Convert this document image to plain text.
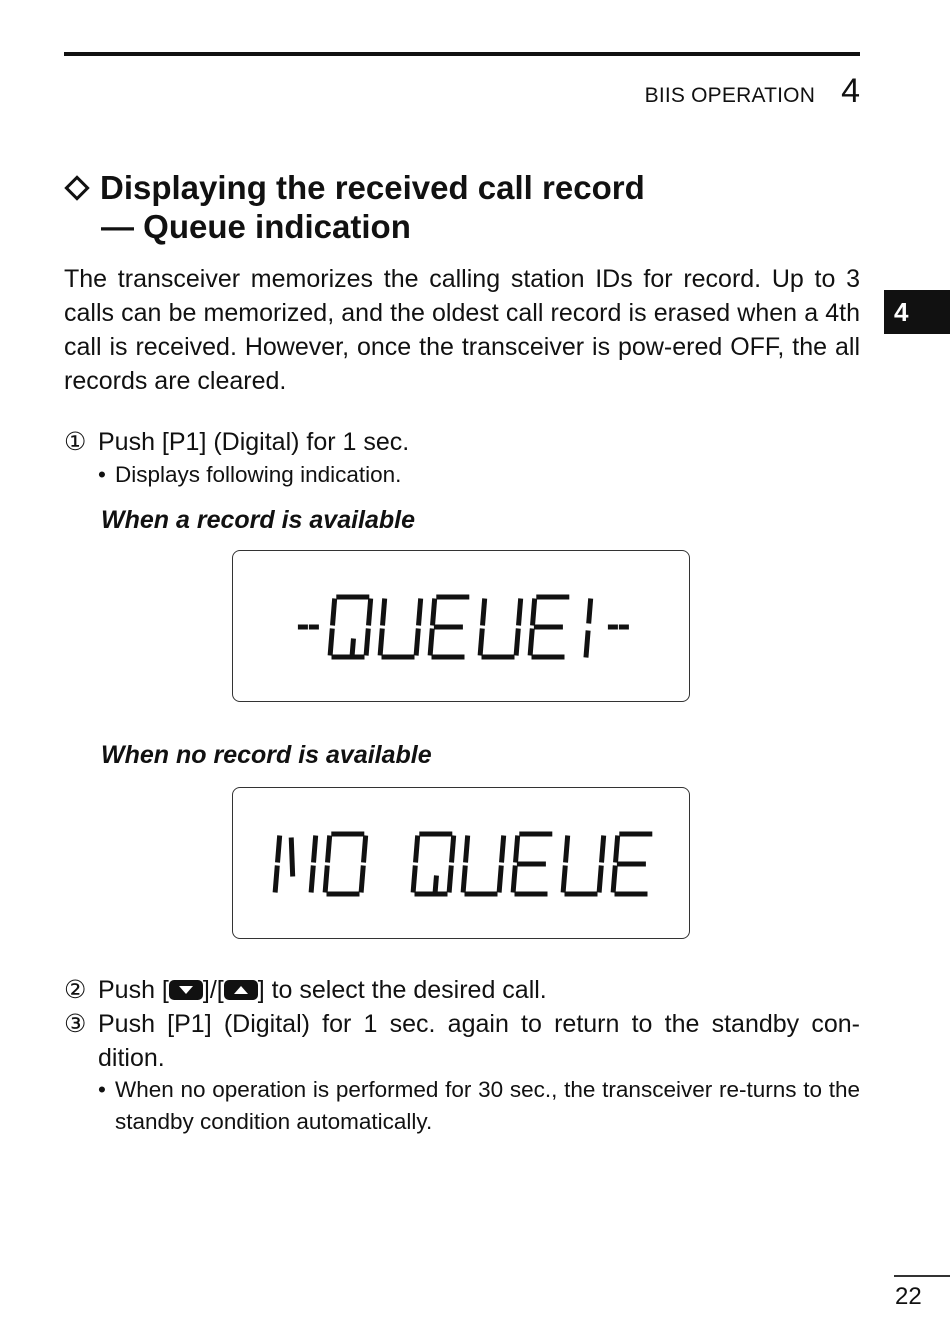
BIIS OPERATION 4
4
Displaying the received call record
— Queue indication
The transceiver memorizes the calling station IDs for record. Up to 3 calls can be memorized, and the oldest call record is erased when a 4th call is received. However, once the transceiver is pow-ered OFF, the all records are cleared.
① Push [P1] (Digital) for 1 sec.
• Displays following indication.
When a record is available
When no record is available
② Push [ ]/[ ] to select the desired call.
③ Push [P1] (Digital) for 1 sec. again to return to the standby con-dition.
• When no operation is performed for 30 sec., the transceiver re-turns to the standby condition automatically.
22
